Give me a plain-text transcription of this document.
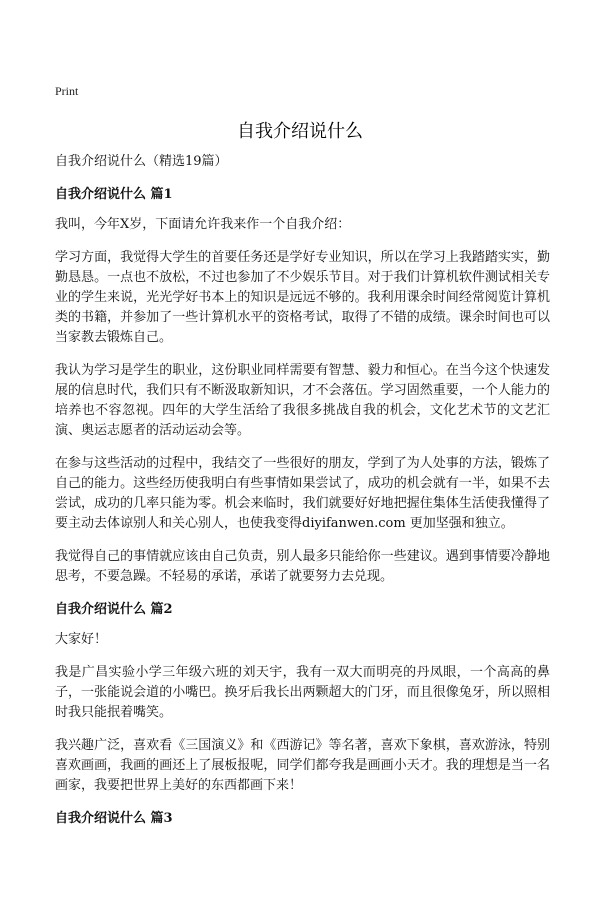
Print
自我介绍说什么

自我介绍说什么（精选19篇）

自我介绍说什么 篇1

我叫，今年X岁，下面请允许我来作一个自我介绍：

学习方面，我觉得大学生的首要任务还是学好专业知识，所以在学习上我踏踏实实，勤勤恳恳。一点也不放松，不过也参加了不少娱乐节目。对于我们计算机软件测试相关专业的学生来说，光光学好书本上的知识是远远不够的。我利用课余时间经常阅览计算机类的书籍，并参加了一些计算机水平的资格考试，取得了不错的成绩。课余时间也可以当家教去锻炼自己。

我认为学习是学生的职业，这份职业同样需要有智慧、毅力和恒心。在当今这个快速发展的信息时代，我们只有不断汲取新知识，才不会落伍。学习固然重要，一个人能力的培养也不容忽视。四年的大学生活给了我很多挑战自我的机会，文化艺术节的文艺汇演、奥运志愿者的活动运动会等。

在参与这些活动的过程中，我结交了一些很好的朋友，学到了为人处事的方法，锻炼了自己的能力。这些经历使我明白有些事情如果尝试了，成功的机会就有一半，如果不去尝试，成功的几率只能为零。机会来临时，我们就要好好地把握住集体生活使我懂得了要主动去体谅别人和关心别人，也使我变得diyifanwen.com 更加坚强和独立。

我觉得自己的事情就应该由自己负责，别人最多只能给你一些建议。遇到事情要冷静地思考，不要急躁。不轻易的承诺，承诺了就要努力去兑现。

自我介绍说什么 篇2

大家好！

我是广昌实验小学三年级六班的刘天宇，我有一双大而明亮的丹凤眼，一个高高的鼻子，一张能说会道的小嘴巴。换牙后我长出两颗超大的门牙，而且很像兔牙，所以照相时我只能抿着嘴笑。

我兴趣广泛，喜欢看《三国演义》和《西游记》等名著，喜欢下象棋，喜欢游泳，特别喜欢画画，我画的画还上了展板报呢，同学们都夸我是画画小天才。我的理想是当一名画家，我要把世界上美好的东西都画下来！

自我介绍说什么 篇3
